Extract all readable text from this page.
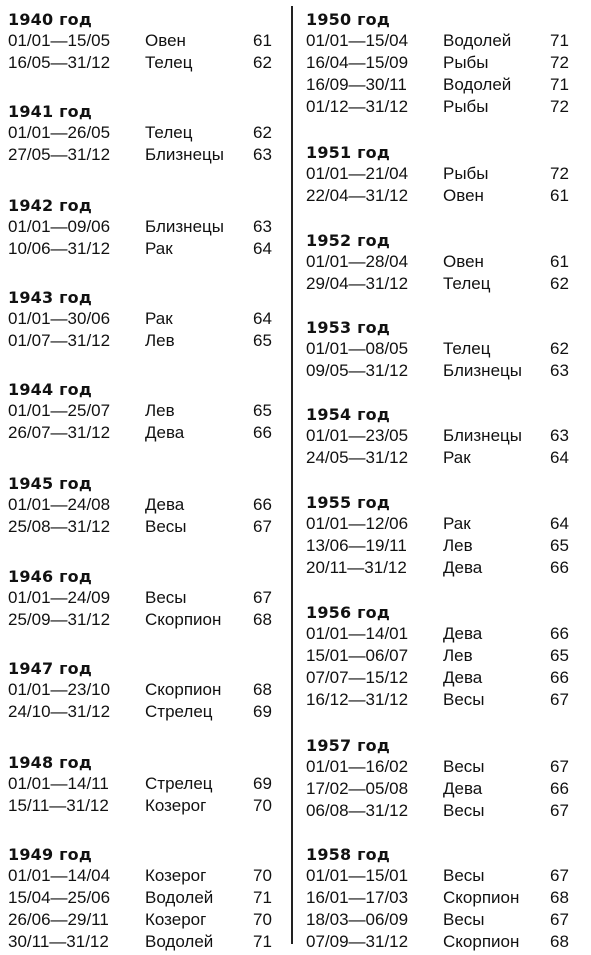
1940 год
01/01—15/05 Овен	61
16/05—31/12 Телец	62
1941 год
01/01—26/05 Телец	62
27/05—31/12 Близнецы 63
1942 год
01/01—09/06 Близнецы 63
10/06—31/12 Рак	64
1943 год
01/01—30/06 Рак	64
01/07—31/12 Лев	65
1944 год
01/01—25/07 Лев	65
26/07—31/12 Дева	66
1945 год
01/01—24/08 Дева	66
25/08—31/12 Весы	67
1946 год
01/01—24/09 Весы	67
25/09—31/12 Скорпион 68
1947 год
01/01—23/10 Скорпион 68
24/10—31/12 Стрелец 69
1948 год
01/01—14/11 Стрелец 69
15/11—31/12 Козерог	70
1949 год
01/01—14/04 Козерог	70
15/04—25/06 Водолей 71
26/06—29/11 Козерог	70
30/11—31/12 Водолей 71
1950 год
01/01—15/04 Водолей 71
16/04—15/09 Рыбы	72
16/09—30/11 Водолей 71
01/12—31/12 Рыбы	72
1951 год
01/01—21/04 Рыбы	72
22/04—31/12 Овен	61
1952 год
01/01—28/04 Овен	61
29/04—31/12 Телец	62
1953 год
01/01—08/05 Телец	62
09/05—31/12 Близнецы 63
1954 год
01/01—23/05 Близнецы 63
24/05—31/12 Рак	64
1955 год
01/01—12/06 Рак	64
13/06—19/11 Лев	65
20/11—31/12 Дева	66
1956 год
01/01—14/01 Дева	66
15/01—06/07 Лев	65
07/07—15/12 Дева	66
16/12—31/12 Весы	67
1957 год
01/01—16/02 Весы	67
17/02—05/08 Дева	66
06/08—31/12 Весы	67
1958 год
01/01—15/01 Весы	67
16/01—17/03 Скорпион 68
18/03—06/09 Весы	67
07/09—31/12 Скорпион 68
